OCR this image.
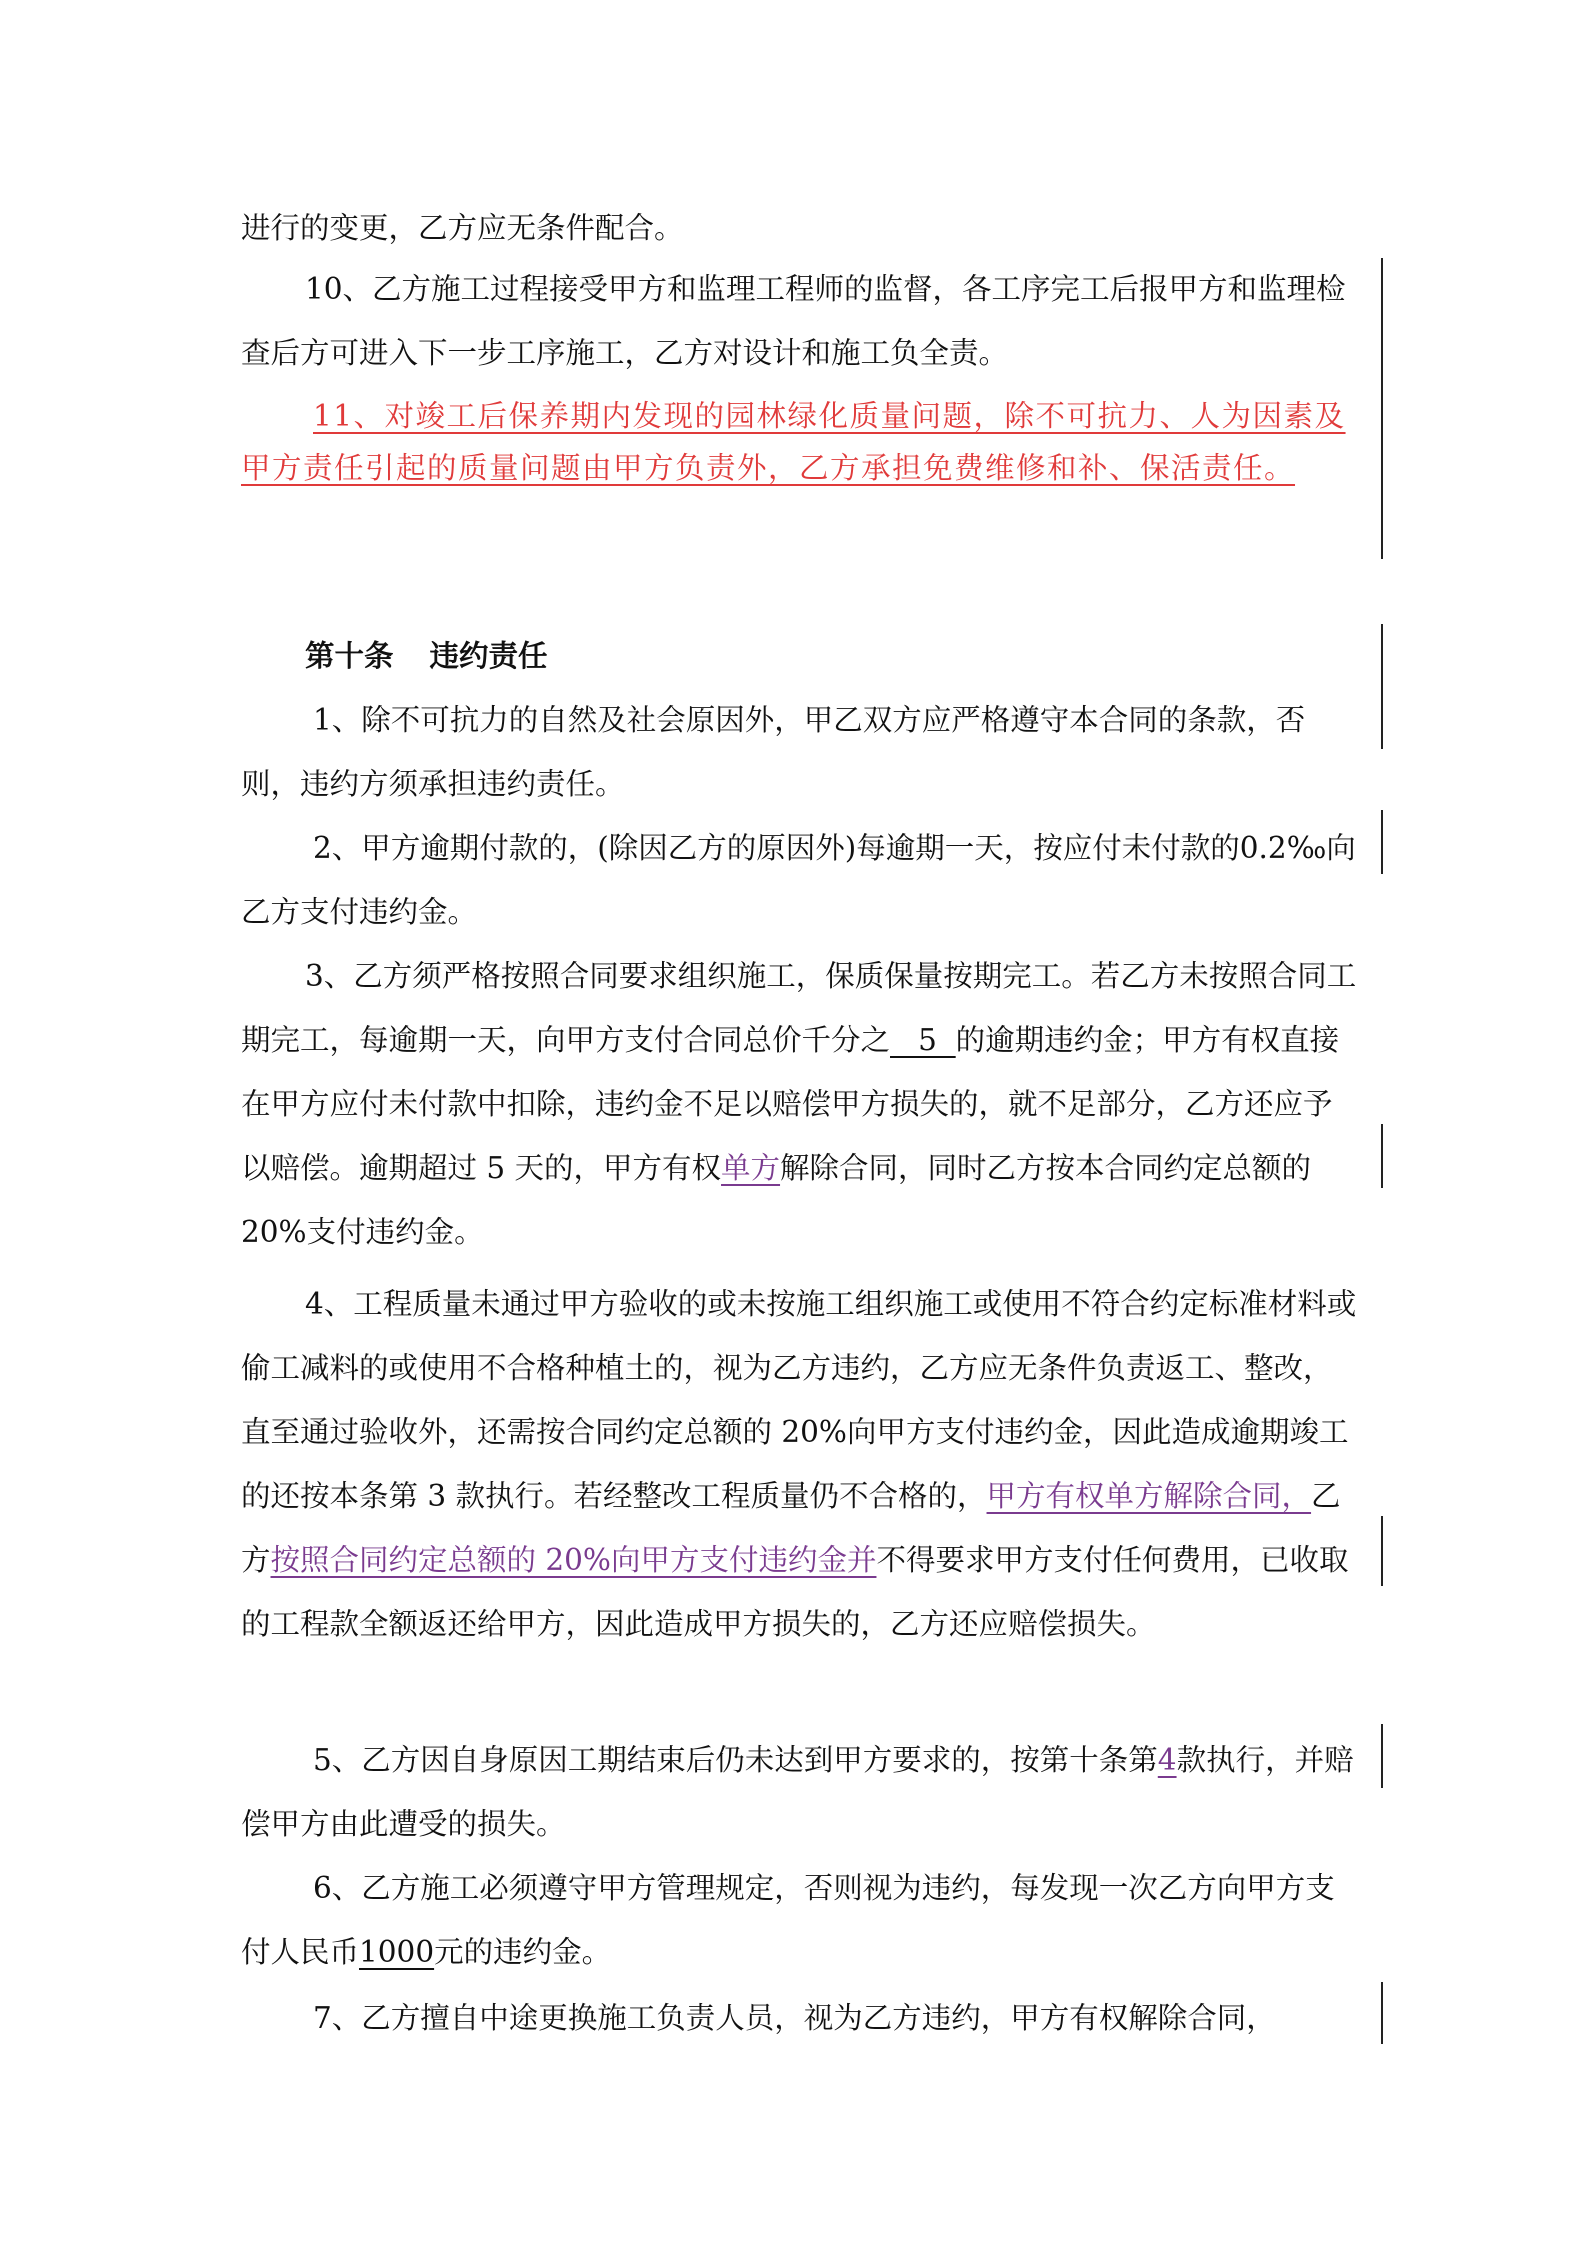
进行的变更，乙方应无条件配合。

10、乙方施工过程接受甲方和监理工程师的监督，各工序完工后报甲方和监理检查后方可进入下一步工序施工，乙方对设计和施工负全责。

11、对竣工后保养期内发现的园林绿化质量问题，除不可抗力、人为因素及甲方责任引起的质量问题由甲方负责外，乙方承担免费维修和补、保活责任。

第十条 违约责任

1、除不可抗力的自然及社会原因外，甲乙双方应严格遵守本合同的条款，否则，违约方须承担违约责任。

2、甲方逾期付款的，(除因乙方的原因外)每逾期一天，按应付未付款的0.2‰向乙方支付违约金。

3、乙方须严格按照合同要求组织施工，保质保量按期完工。若乙方未按照合同工期完工，每逾期一天，向甲方支付合同总价千分之   5  的逾期违约金；甲方有权直接在甲方应付未付款中扣除，违约金不足以赔偿甲方损失的，就不足部分，乙方还应予以赔偿。逾期超过 5 天的，甲方有权单方解除合同，同时乙方按本合同约定总额的 20%支付违约金。

4、工程质量未通过甲方验收的或未按施工组织施工或使用不符合约定标准材料或偷工减料的或使用不合格种植土的，视为乙方违约，乙方应无条件负责返工、整改，直至通过验收外，还需按合同约定总额的 20%向甲方支付违约金，因此造成逾期竣工的还按本条第 3 款执行。若经整改工程质量仍不合格的，甲方有权单方解除合同，乙方按照合同约定总额的 20%向甲方支付违约金并不得要求甲方支付任何费用，已收取的工程款全额返还给甲方，因此造成甲方损失的，乙方还应赔偿损失。

5、乙方因自身原因工期结束后仍未达到甲方要求的，按第十条第4款执行，并赔偿甲方由此遭受的损失。

6、乙方施工必须遵守甲方管理规定，否则视为违约，每发现一次乙方向甲方支付人民币1000元的违约金。

7、乙方擅自中途更换施工负责人员，视为乙方违约，甲方有权解除合同，
